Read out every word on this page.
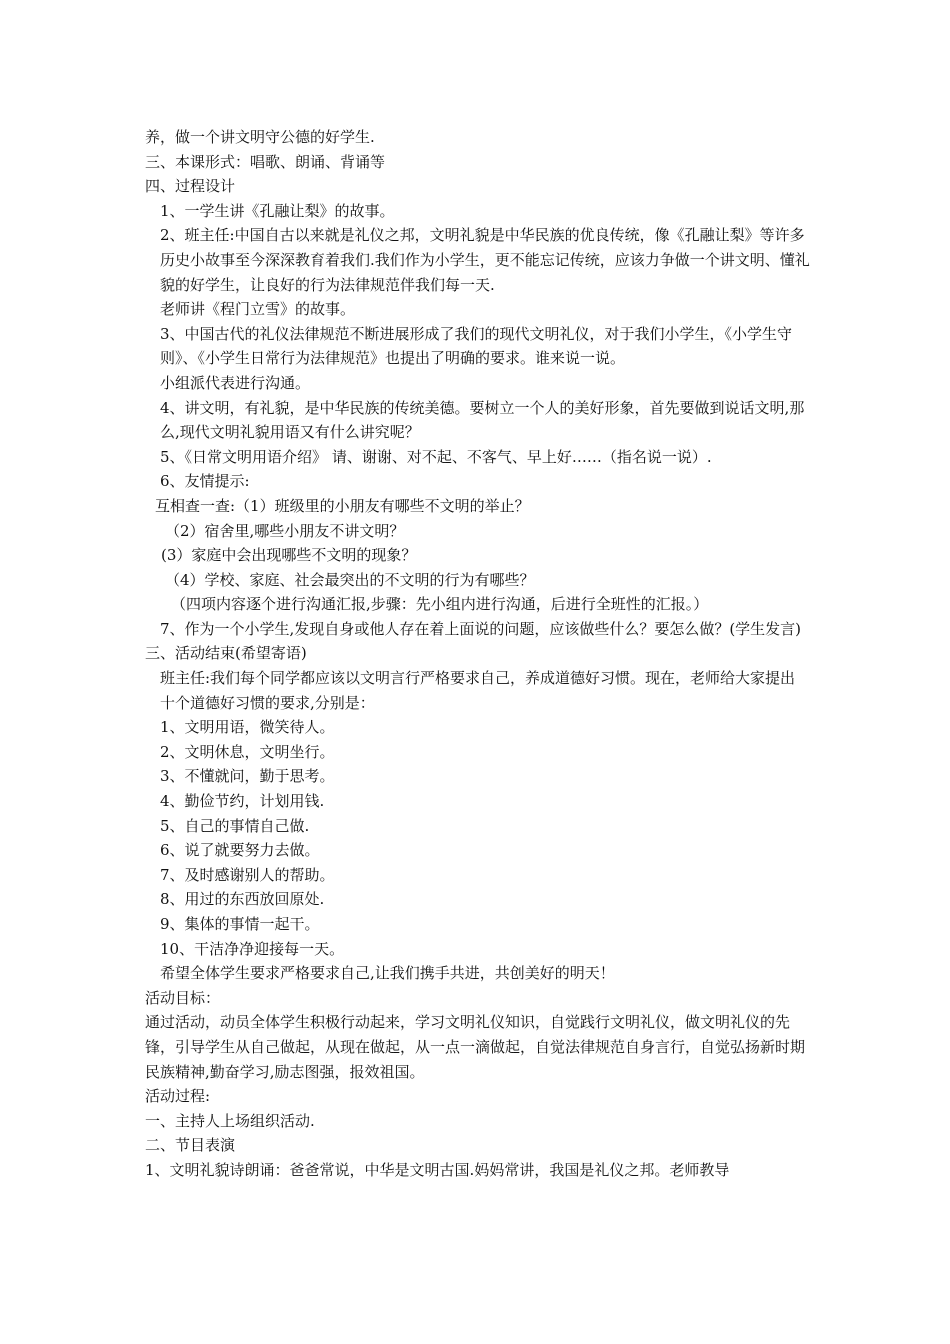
养，做一个讲文明守公德的好学生.

三、本课形式：唱歌、朗诵、背诵等

四、过程设计

1、一学生讲《孔融让梨》的故事。

2、班主任:中国自古以来就是礼仪之邦，文明礼貌是中华民族的优良传统，像《孔融让梨》等许多历史小故事至今深深教育着我们.我们作为小学生，更不能忘记传统，应该力争做一个讲文明、懂礼貌的好学生，让良好的行为法律规范伴我们每一天.

老师讲《程门立雪》的故事。

3、中国古代的礼仪法律规范不断进展形成了我们的现代文明礼仪，对于我们小学生，《小学生守则》、《小学生日常行为法律规范》也提出了明确的要求。谁来说一说。

小组派代表进行沟通。

4、讲文明，有礼貌，是中华民族的传统美德。要树立一个人的美好形象，首先要做到说话文明,那么,现代文明礼貌用语又有什么讲究呢？

5、《日常文明用语介绍》 请、谢谢、对不起、不客气、早上好……（指名说一说）.

6、友情提示:

互相查一查:（1）班级里的小朋友有哪些不文明的举止？

（2）宿舍里,哪些小朋友不讲文明？

(3）家庭中会出现哪些不文明的现象？

（4）学校、家庭、社会最突出的不文明的行为有哪些？

（四项内容逐个进行沟通汇报,步骤：先小组内进行沟通，后进行全班性的汇报。）

7、作为一个小学生,发现自身或他人存在着上面说的问题，应该做些什么？要怎么做？(学生发言)

三、活动结束(希望寄语)

班主任:我们每个同学都应该以文明言行严格要求自己，养成道德好习惯。现在，老师给大家提出十个道德好习惯的要求,分别是：

1、文明用语，微笑待人。

2、文明休息，文明坐行。

3、不懂就问，勤于思考。

4、勤俭节约，计划用钱.

5、自己的事情自己做.

6、说了就要努力去做。

7、及时感谢别人的帮助。

8、用过的东西放回原处.

9、集体的事情一起干。

10、干洁净净迎接每一天。

希望全体学生要求严格要求自己,让我们携手共进，共创美好的明天！

活动目标：

通过活动，动员全体学生积极行动起来，学习文明礼仪知识，自觉践行文明礼仪，做文明礼仪的先锋，引导学生从自己做起，从现在做起，从一点一滴做起，自觉法律规范自身言行，自觉弘扬新时期民族精神,勤奋学习,励志图强，报效祖国。

活动过程:

一、主持人上场组织活动.

二、节目表演

1、文明礼貌诗朗诵：爸爸常说，中华是文明古国.妈妈常讲，我国是礼仪之邦。老师教导
